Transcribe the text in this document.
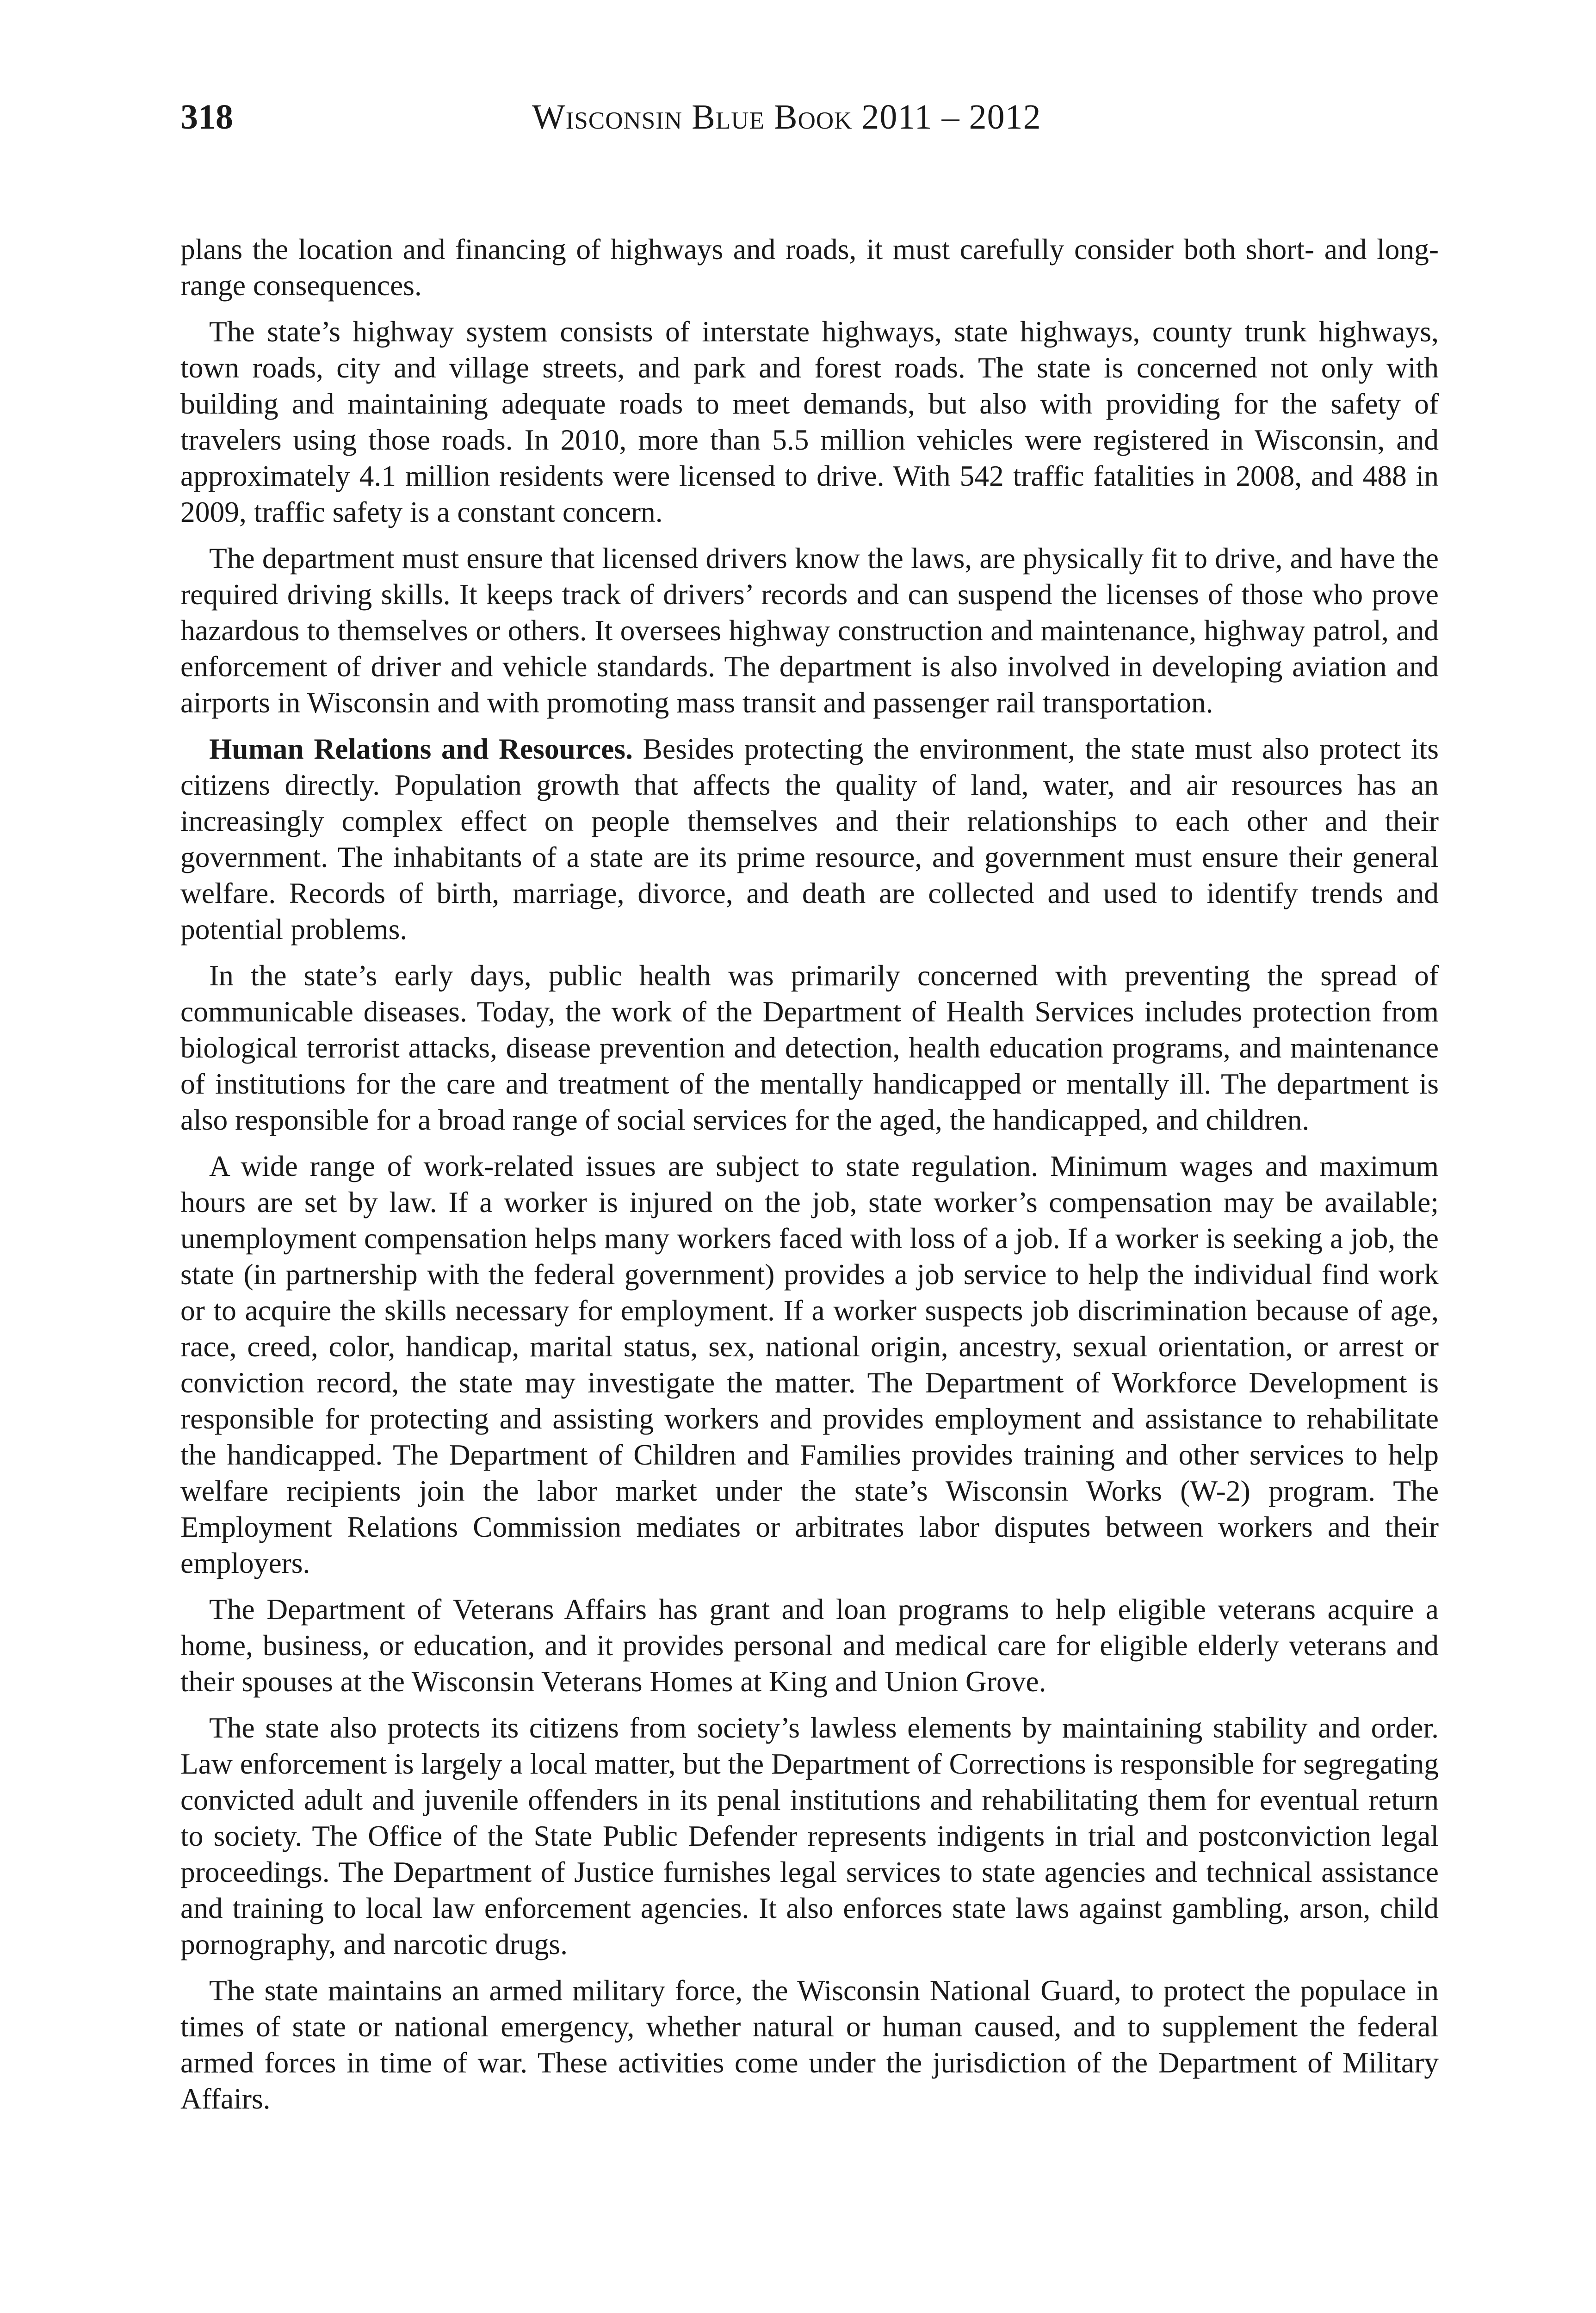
318	Wisconsin Blue Book 2011 – 2012

plans the location and financing of highways and roads, it must carefully consider both short- and long-range consequences.

The state’s highway system consists of interstate highways, state highways, county trunk highways, town roads, city and village streets, and park and forest roads. The state is concerned not only with building and maintaining adequate roads to meet demands, but also with providing for the safety of travelers using those roads. In 2010, more than 5.5 million vehicles were registered in Wisconsin, and approximately 4.1 million residents were licensed to drive. With 542 traffic fatalities in 2008, and 488 in 2009, traffic safety is a constant concern.

The department must ensure that licensed drivers know the laws, are physically fit to drive, and have the required driving skills. It keeps track of drivers’ records and can suspend the licenses of those who prove hazardous to themselves or others. It oversees highway construction and maintenance, highway patrol, and enforcement of driver and vehicle standards. The department is also involved in developing aviation and airports in Wisconsin and with promoting mass transit and passenger rail transportation.

Human Relations and Resources. Besides protecting the environment, the state must also protect its citizens directly. Population growth that affects the quality of land, water, and air resources has an increasingly complex effect on people themselves and their relationships to each other and their government. The inhabitants of a state are its prime resource, and government must ensure their general welfare. Records of birth, marriage, divorce, and death are collected and used to identify trends and potential problems.

In the state’s early days, public health was primarily concerned with preventing the spread of communicable diseases. Today, the work of the Department of Health Services includes protection from biological terrorist attacks, disease prevention and detection, health education programs, and maintenance of institutions for the care and treatment of the mentally handicapped or mentally ill. The department is also responsible for a broad range of social services for the aged, the handicapped, and children.

A wide range of work-related issues are subject to state regulation. Minimum wages and maximum hours are set by law. If a worker is injured on the job, state worker’s compensation may be available; unemployment compensation helps many workers faced with loss of a job. If a worker is seeking a job, the state (in partnership with the federal government) provides a job service to help the individual find work or to acquire the skills necessary for employment. If a worker suspects job discrimination because of age, race, creed, color, handicap, marital status, sex, national origin, ancestry, sexual orientation, or arrest or conviction record, the state may investigate the matter. The Department of Workforce Development is responsible for protecting and assisting workers and provides employment and assistance to rehabilitate the handicapped. The Department of Children and Families provides training and other services to help welfare recipients join the labor market under the state’s Wisconsin Works (W-2) program. The Employment Relations Commission mediates or arbitrates labor disputes between workers and their employers.

The Department of Veterans Affairs has grant and loan programs to help eligible veterans acquire a home, business, or education, and it provides personal and medical care for eligible elderly veterans and their spouses at the Wisconsin Veterans Homes at King and Union Grove.

The state also protects its citizens from society’s lawless elements by maintaining stability and order. Law enforcement is largely a local matter, but the Department of Corrections is responsible for segregating convicted adult and juvenile offenders in its penal institutions and rehabilitating them for eventual return to society. The Office of the State Public Defender represents indigents in trial and postconviction legal proceedings. The Department of Justice furnishes legal services to state agencies and technical assistance and training to local law enforcement agencies. It also enforces state laws against gambling, arson, child pornography, and narcotic drugs.

The state maintains an armed military force, the Wisconsin National Guard, to protect the populace in times of state or national emergency, whether natural or human caused, and to supplement the federal armed forces in time of war. These activities come under the jurisdiction of the Department of Military Affairs.
